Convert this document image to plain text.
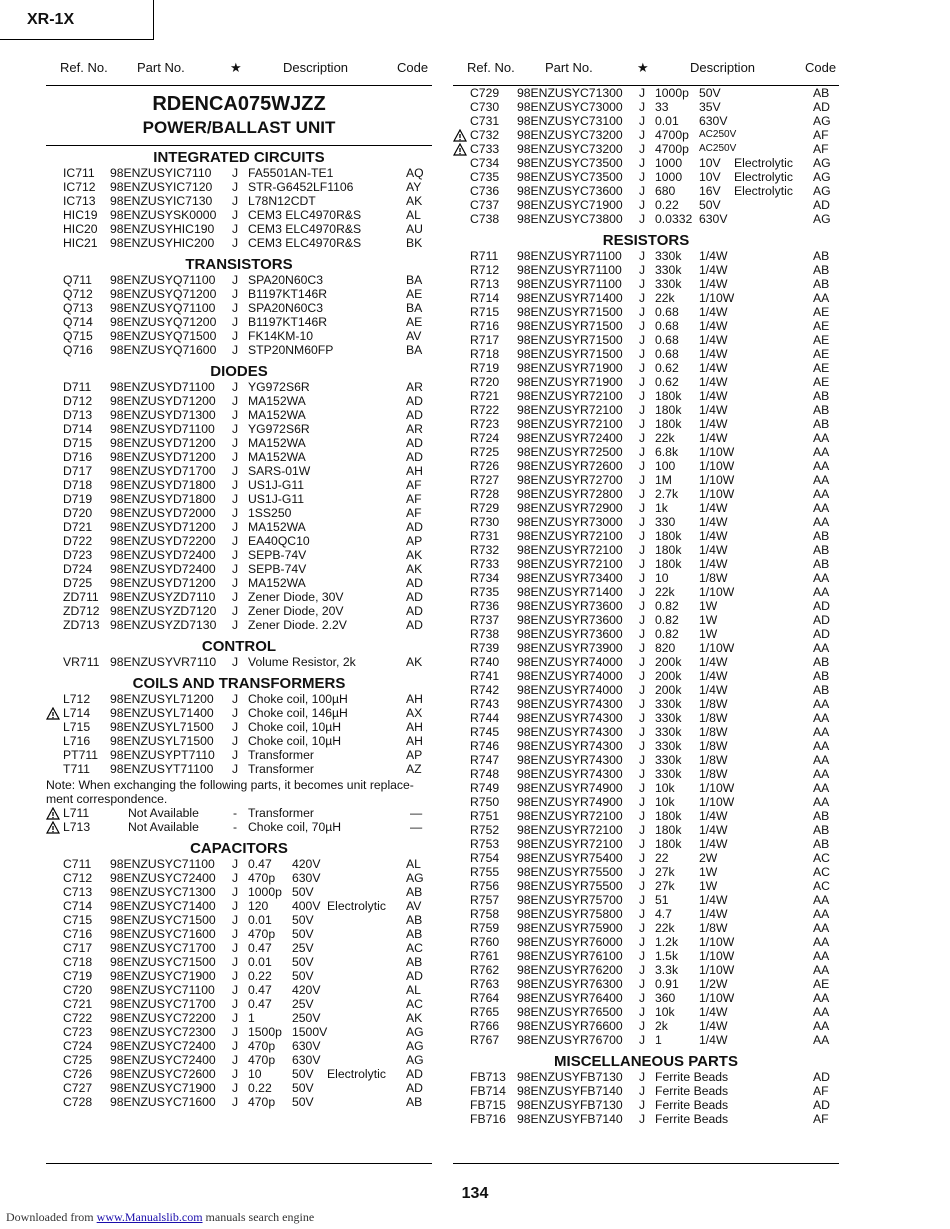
XR-1X
Ref. No. Part No.	★	Description	Code
RDENCA075WJZZ
POWER/BALLAST UNIT
INTEGRATED CIRCUITS
IC711 98ENZUSYIC7110 J FA5501AN-TE1	AQ
IC712 98ENZUSYIC7120 J STR-G6452LF1106	AY
IC713 98ENZUSYIC7130 J L78N12CDT	AK
HIC19 98ENZUSYSK0000 J CEM3 ELC4970R&S	AL
HIC20 98ENZUSYHIC190 J CEM3 ELC4970R&S	AU
HIC21 98ENZUSYHIC200 J CEM3 ELC4970R&S	BK
TRANSISTORS
Q711 98ENZUSYQ71100 J SPA20N60C3	BA
Q712 98ENZUSYQ71200 J B1197KT146R	AE
Q713 98ENZUSYQ71100 J SPA20N60C3	BA
Q714 98ENZUSYQ71200 J B1197KT146R	AE
Q715 98ENZUSYQ71500 J FK14KM-10	AV
Q716 98ENZUSYQ71600 J STP20NM60FP	BA
DIODES
D711 98ENZUSYD71100 J YG972S6R	AR
D712 98ENZUSYD71200 J MA152WA	AD
D713 98ENZUSYD71300 J MA152WA	AD
D714 98ENZUSYD71100 J YG972S6R	AR
D715 98ENZUSYD71200 J MA152WA	AD
D716 98ENZUSYD71200 J MA152WA	AD
D717 98ENZUSYD71700 J SARS-01W	AH
D718 98ENZUSYD71800 J US1J-G11	AF
D719 98ENZUSYD71800 J US1J-G11	AF
D720 98ENZUSYD72000 J 1SS250	AF
D721 98ENZUSYD71200 J MA152WA	AD
D722 98ENZUSYD72200 J EA40QC10	AP
D723 98ENZUSYD72400 J SEPB-74V	AK
D724 98ENZUSYD72400 J SEPB-74V	AK
D725 98ENZUSYD71200 J MA152WA	AD
ZD711 98ENZUSYZD7110 J Zener Diode, 30V	AD
ZD712 98ENZUSYZD7120 J Zener Diode, 20V	AD
ZD713 98ENZUSYZD7130 J Zener Diode. 2.2V	AD
CONTROL
VR711 98ENZUSYVR7110 J Volume Resistor, 2k	AK
COILS AND TRANSFORMERS
L712 98ENZUSYL71200 J Choke coil, 100µH	AH
L714 98ENZUSYL71400 J Choke coil, 146µH	AX
L715 98ENZUSYL71500 J Choke coil, 10µH	AH
L716 98ENZUSYL71500 J Choke coil, 10µH	AH
PT711 98ENZUSYPT7110 J Transformer	AP
T711 98ENZUSYT71100 J Transformer	AZ
Note: When exchanging the following parts, it becomes unit replace- ment correspondence.
L711	Not Available	- Transformer	—
L713	Not Available	- Choke coil, 70µH	—
CAPACITORS
C711 98ENZUSYC71100 J 0.47 420V	AL
C712 98ENZUSYC72400 J 470p 630V	AG
C713 98ENZUSYC71300 J 1000p 50V	AB
C714 98ENZUSYC71400 J 120 400V Electrolytic AV
C715 98ENZUSYC71500 J 0.01 50V	AB
C716 98ENZUSYC71600 J 470p 50V	AB
C717 98ENZUSYC71700 J 0.47 25V	AC
C718 98ENZUSYC71500 J 0.01 50V	AB
C719 98ENZUSYC71900 J 0.22 50V	AD
C720 98ENZUSYC71100 J 0.47 420V	AL
C721 98ENZUSYC71700 J 0.47 25V	AC
C722 98ENZUSYC72200 J 1	250V	AK
C723 98ENZUSYC72300 J 1500p 1500V	AG
C724 98ENZUSYC72400 J 470p 630V	AG
C725 98ENZUSYC72400 J 470p 630V	AG
C726 98ENZUSYC72600 J 10 50V Electrolytic AD
C727 98ENZUSYC71900 J 0.22 50V	AD
C728 98ENZUSYC71600 J 470p 50V	AB
Ref. No. Part No.	★	Description	Code
C729 98ENZUSYC71300 J 1000p 50V	AB
C730 98ENZUSYC73000 J 33 35V	AD
C731 98ENZUSYC73100 J 0.01 630V	AG
C732 98ENZUSYC73200 J 4700p AC250V	AF
C733 98ENZUSYC73200 J 4700p AC250V	AF
C734 98ENZUSYC73500 J 1000 10V Electrolytic AG
C735 98ENZUSYC73500 J 1000 10V Electrolytic AG
C736 98ENZUSYC73600 J 680 16V Electrolytic AG
C737 98ENZUSYC71900 J 0.22 50V	AD
C738 98ENZUSYC73800 J 0.0332 630V	AG
RESISTORS
R711 98ENZUSYR71100 J 330k 1/4W	AB
R712 98ENZUSYR71100 J 330k 1/4W	AB
R713 98ENZUSYR71100 J 330k 1/4W	AB
R714 98ENZUSYR71400 J 22k 1/10W	AA
R715 98ENZUSYR71500 J 0.68 1/4W	AE
R716 98ENZUSYR71500 J 0.68 1/4W	AE
R717 98ENZUSYR71500 J 0.68 1/4W	AE
R718 98ENZUSYR71500 J 0.68 1/4W	AE
R719 98ENZUSYR71900 J 0.62 1/4W	AE
R720 98ENZUSYR71900 J 0.62 1/4W	AE
R721 98ENZUSYR72100 J 180k 1/4W	AB
R722 98ENZUSYR72100 J 180k 1/4W	AB
R723 98ENZUSYR72100 J 180k 1/4W	AB
R724 98ENZUSYR72400 J 22k 1/4W	AA
R725 98ENZUSYR72500 J 6.8k 1/10W	AA
R726 98ENZUSYR72600 J 100 1/10W	AA
R727 98ENZUSYR72700 J 1M 1/10W	AA
R728 98ENZUSYR72800 J 2.7k 1/10W	AA
R729 98ENZUSYR72900 J 1k	1/4W	AA
R730 98ENZUSYR73000 J 330 1/4W	AA
R731 98ENZUSYR72100 J 180k 1/4W	AB
R732 98ENZUSYR72100 J 180k 1/4W	AB
R733 98ENZUSYR72100 J 180k 1/4W	AB
R734 98ENZUSYR73400 J 10 1/8W	AA
R735 98ENZUSYR71400 J 22k 1/10W	AA
R736 98ENZUSYR73600 J 0.82 1W	AD
R737 98ENZUSYR73600 J 0.82 1W	AD
R738 98ENZUSYR73600 J 0.82 1W	AD
R739 98ENZUSYR73900 J 820 1/10W	AA
R740 98ENZUSYR74000 J 200k 1/4W	AB
R741 98ENZUSYR74000 J 200k 1/4W	AB
R742 98ENZUSYR74000 J 200k 1/4W	AB
R743 98ENZUSYR74300 J 330k 1/8W	AA
R744 98ENZUSYR74300 J 330k 1/8W	AA
R745 98ENZUSYR74300 J 330k 1/8W	AA
R746 98ENZUSYR74300 J 330k 1/8W	AA
R747 98ENZUSYR74300 J 330k 1/8W	AA
R748 98ENZUSYR74300 J 330k 1/8W	AA
R749 98ENZUSYR74900 J 10k 1/10W	AA
R750 98ENZUSYR74900 J 10k 1/10W	AA
R751 98ENZUSYR72100 J 180k 1/4W	AB
R752 98ENZUSYR72100 J 180k 1/4W	AB
R753 98ENZUSYR72100 J 180k 1/4W	AB
R754 98ENZUSYR75400 J 22 2W	AC
R755 98ENZUSYR75500 J 27k 1W	AC
R756 98ENZUSYR75500 J 27k 1W	AC
R757 98ENZUSYR75700 J 51 1/4W	AA
R758 98ENZUSYR75800 J 4.7 1/4W	AA
R759 98ENZUSYR75900 J 22k 1/8W	AA
R760 98ENZUSYR76000 J 1.2k 1/10W	AA
R761 98ENZUSYR76100 J 1.5k 1/10W	AA
R762 98ENZUSYR76200 J 3.3k 1/10W	AA
R763 98ENZUSYR76300 J 0.91 1/2W	AE
R764 98ENZUSYR76400 J 360 1/10W	AA
R765 98ENZUSYR76500 J 10k 1/4W	AA
R766 98ENZUSYR76600 J 2k	1/4W	AA
R767 98ENZUSYR76700 J 1	1/4W	AA
MISCELLANEOUS PARTS
FB713 98ENZUSYFB7130 J Ferrite Beads	AD
FB714 98ENZUSYFB7140 J Ferrite Beads	AF
FB715 98ENZUSYFB7130 J Ferrite Beads	AD
FB716 98ENZUSYFB7140 J Ferrite Beads	AF
134
Downloaded from www.Manualslib.com manuals search engine
